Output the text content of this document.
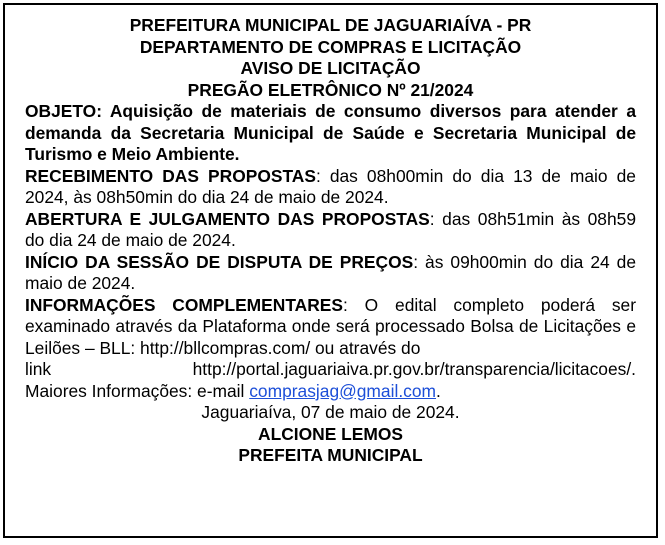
PREFEITURA MUNICIPAL DE JAGUARIAÍVA - PR
DEPARTAMENTO DE COMPRAS E LICITAÇÃO
AVISO DE LICITAÇÃO
PREGÃO ELETRÔNICO Nº 21/2024

OBJETO: Aquisição de materiais de consumo diversos para atender a demanda da Secretaria Municipal de Saúde e Secretaria Municipal de Turismo e Meio Ambiente.

RECEBIMENTO DAS PROPOSTAS: das 08h00min do dia 13 de maio de 2024, às 08h50min do dia 24 de maio de 2024.

ABERTURA E JULGAMENTO DAS PROPOSTAS: das 08h51min às 08h59 do dia 24 de maio de 2024.

INÍCIO DA SESSÃO DE DISPUTA DE PREÇOS: às 09h00min do dia 24 de maio de 2024.

INFORMAÇÕES COMPLEMENTARES: O edital completo poderá ser examinado através da Plataforma onde será processado Bolsa de Licitações e Leilões – BLL: http://bllcompras.com/ ou através do

link	http://portal.jaguariaiva.pr.gov.br/transparencia/licitacoes/.

Maiores Informações: e-mail comprasjag@gmail.com.

Jaguariaíva, 07 de maio de 2024.
ALCIONE LEMOS
PREFEITA MUNICIPAL
